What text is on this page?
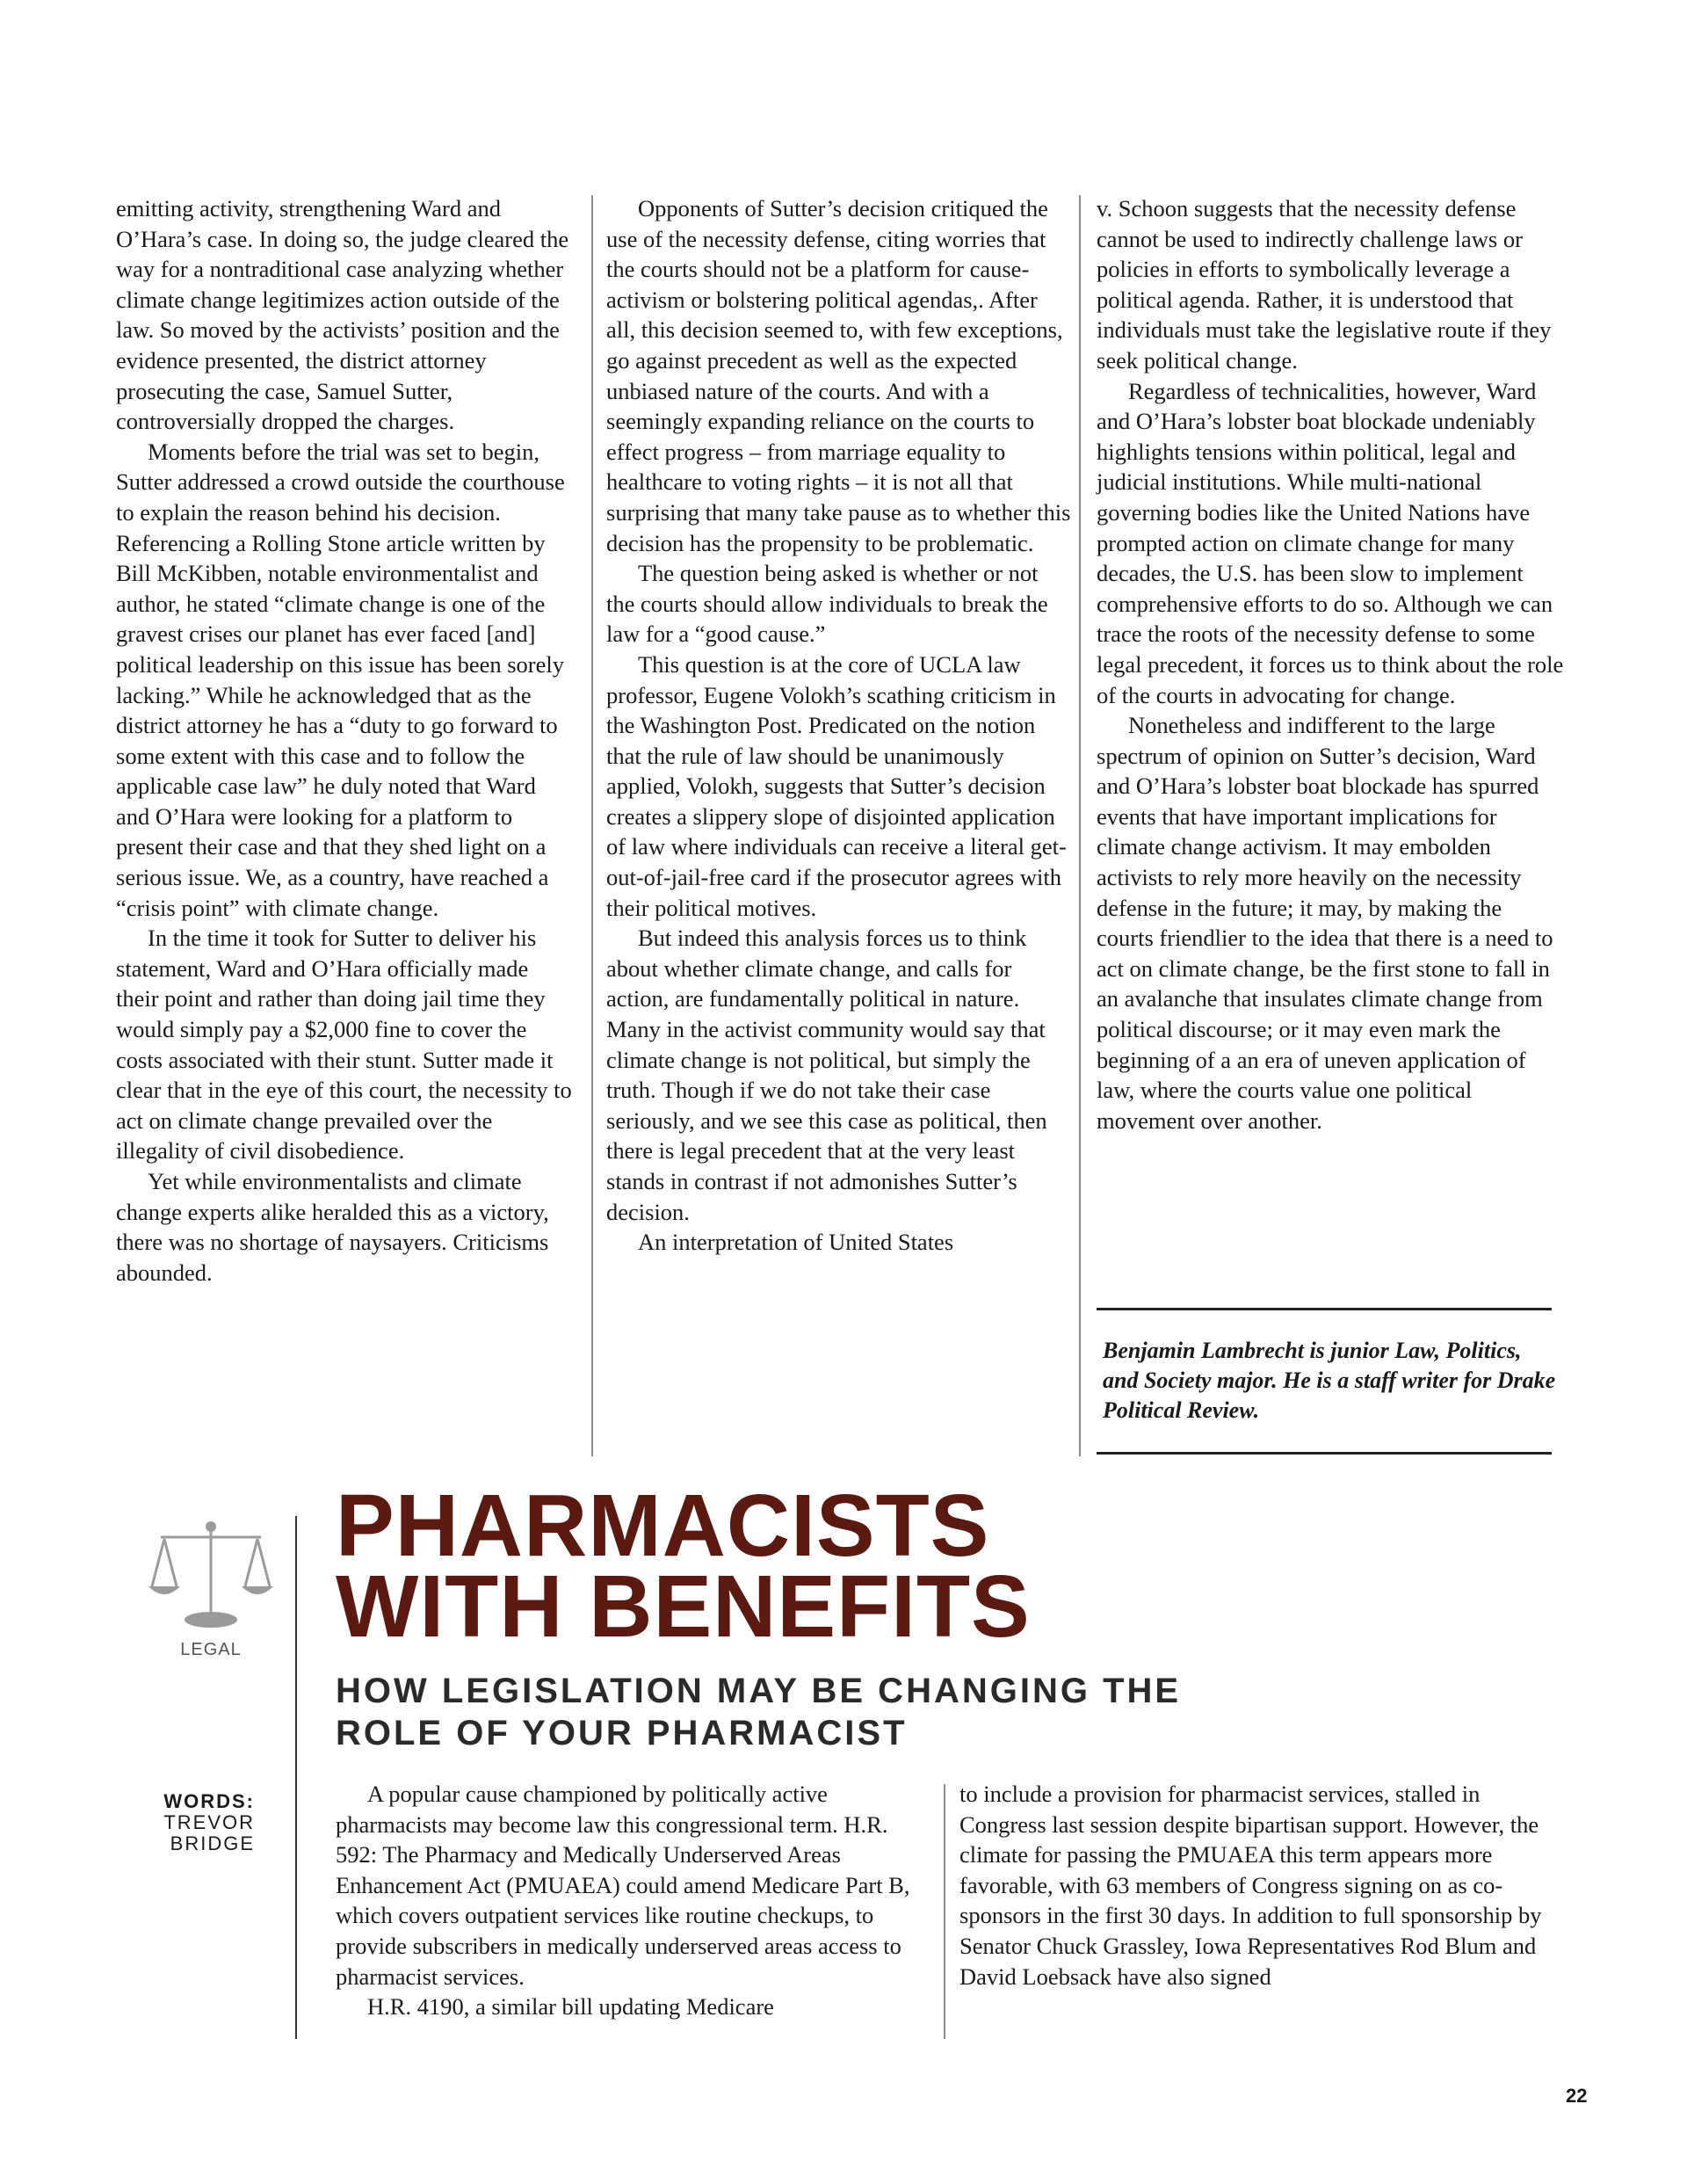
emitting activity, strengthening Ward and O’Hara’s case. In doing so, the judge cleared the way for a nontraditional case analyzing whether climate change legitimizes action outside of the law. So moved by the activists’ position and the evidence presented, the district attorney prosecuting the case, Samuel Sutter, controversially dropped the charges.

Moments before the trial was set to begin, Sutter addressed a crowd outside the courthouse to explain the reason behind his decision. Referencing a Rolling Stone article written by Bill McKibben, notable environmentalist and author, he stated “climate change is one of the gravest crises our planet has ever faced [and] political leadership on this issue has been sorely lacking.” While he acknowledged that as the district attorney he has a “duty to go forward to some extent with this case and to follow the applicable case law” he duly noted that Ward and O’Hara were looking for a platform to present their case and that they shed light on a serious issue. We, as a country, have reached a “crisis point” with climate change.

In the time it took for Sutter to deliver his statement, Ward and O’Hara officially made their point and rather than doing jail time they would simply pay a $2,000 fine to cover the costs associated with their stunt. Sutter made it clear that in the eye of this court, the necessity to act on climate change prevailed over the illegality of civil disobedience.

Yet while environmentalists and climate change experts alike heralded this as a victory, there was no shortage of naysayers. Criticisms abounded.

Opponents of Sutter’s decision critiqued the use of the necessity defense, citing worries that the courts should not be a platform for cause-activism or bolstering political agendas,. After all, this decision seemed to, with few exceptions, go against precedent as well as the expected unbiased nature of the courts. And with a seemingly expanding reliance on the courts to effect progress – from marriage equality to healthcare to voting rights – it is not all that surprising that many take pause as to whether this decision has the propensity to be problematic.

The question being asked is whether or not the courts should allow individuals to break the law for a “good cause.”

This question is at the core of UCLA law professor, Eugene Volokh’s scathing criticism in the Washington Post. Predicated on the notion that the rule of law should be unanimously applied, Volokh, suggests that Sutter’s decision creates a slippery slope of disjointed application of law where individuals can receive a literal get-out-of-jail-free card if the prosecutor agrees with their political motives.

But indeed this analysis forces us to think about whether climate change, and calls for action, are fundamentally political in nature. Many in the activist community would say that climate change is not political, but simply the truth. Though if we do not take their case seriously, and we see this case as political, then there is legal precedent that at the very least stands in contrast if not admonishes Sutter’s decision.

An interpretation of United States

v. Schoon suggests that the necessity defense cannot be used to indirectly challenge laws or policies in efforts to symbolically leverage a political agenda. Rather, it is understood that individuals must take the legislative route if they seek political change.

Regardless of technicalities, however, Ward and O’Hara’s lobster boat blockade undeniably highlights tensions within political, legal and judicial institutions. While multi-national governing bodies like the United Nations have prompted action on climate change for many decades, the U.S. has been slow to implement comprehensive efforts to do so. Although we can trace the roots of the necessity defense to some legal precedent, it forces us to think about the role of the courts in advocating for change.

Nonetheless and indifferent to the large spectrum of opinion on Sutter’s decision, Ward and O’Hara’s lobster boat blockade has spurred events that have important implications for climate change activism. It may embolden activists to rely more heavily on the necessity defense in the future; it may, by making the courts friendlier to the idea that there is a need to act on climate change, be the first stone to fall in an avalanche that insulates climate change from political discourse; or it may even mark the beginning of a an era of uneven application of law, where the courts value one political movement over another.

Benjamin Lambrecht is junior Law, Politics, and Society major. He is a staff writer for Drake Political Review.
LEGAL
WORDS:
TREVOR
BRIDGE
PHARMACISTS
WITH BENEFITS
HOW LEGISLATION MAY BE CHANGING THE
ROLE OF YOUR PHARMACIST

A popular cause championed by politically active pharmacists may become law this congressional term. H.R. 592: The Pharmacy and Medically Underserved Areas Enhancement Act (PMUAEA) could amend Medicare Part B, which covers outpatient services like routine checkups, to provide subscribers in medically underserved areas access to pharmacist services.

H.R. 4190, a similar bill updating Medicare

to include a provision for pharmacist services, stalled in Congress last session despite bipartisan support. However, the climate for passing the PMUAEA this term appears more favorable, with 63 members of Congress signing on as co-sponsors in the first 30 days. In addition to full sponsorship by Senator Chuck Grassley, Iowa Representatives Rod Blum and David Loebsack have also signed

22
